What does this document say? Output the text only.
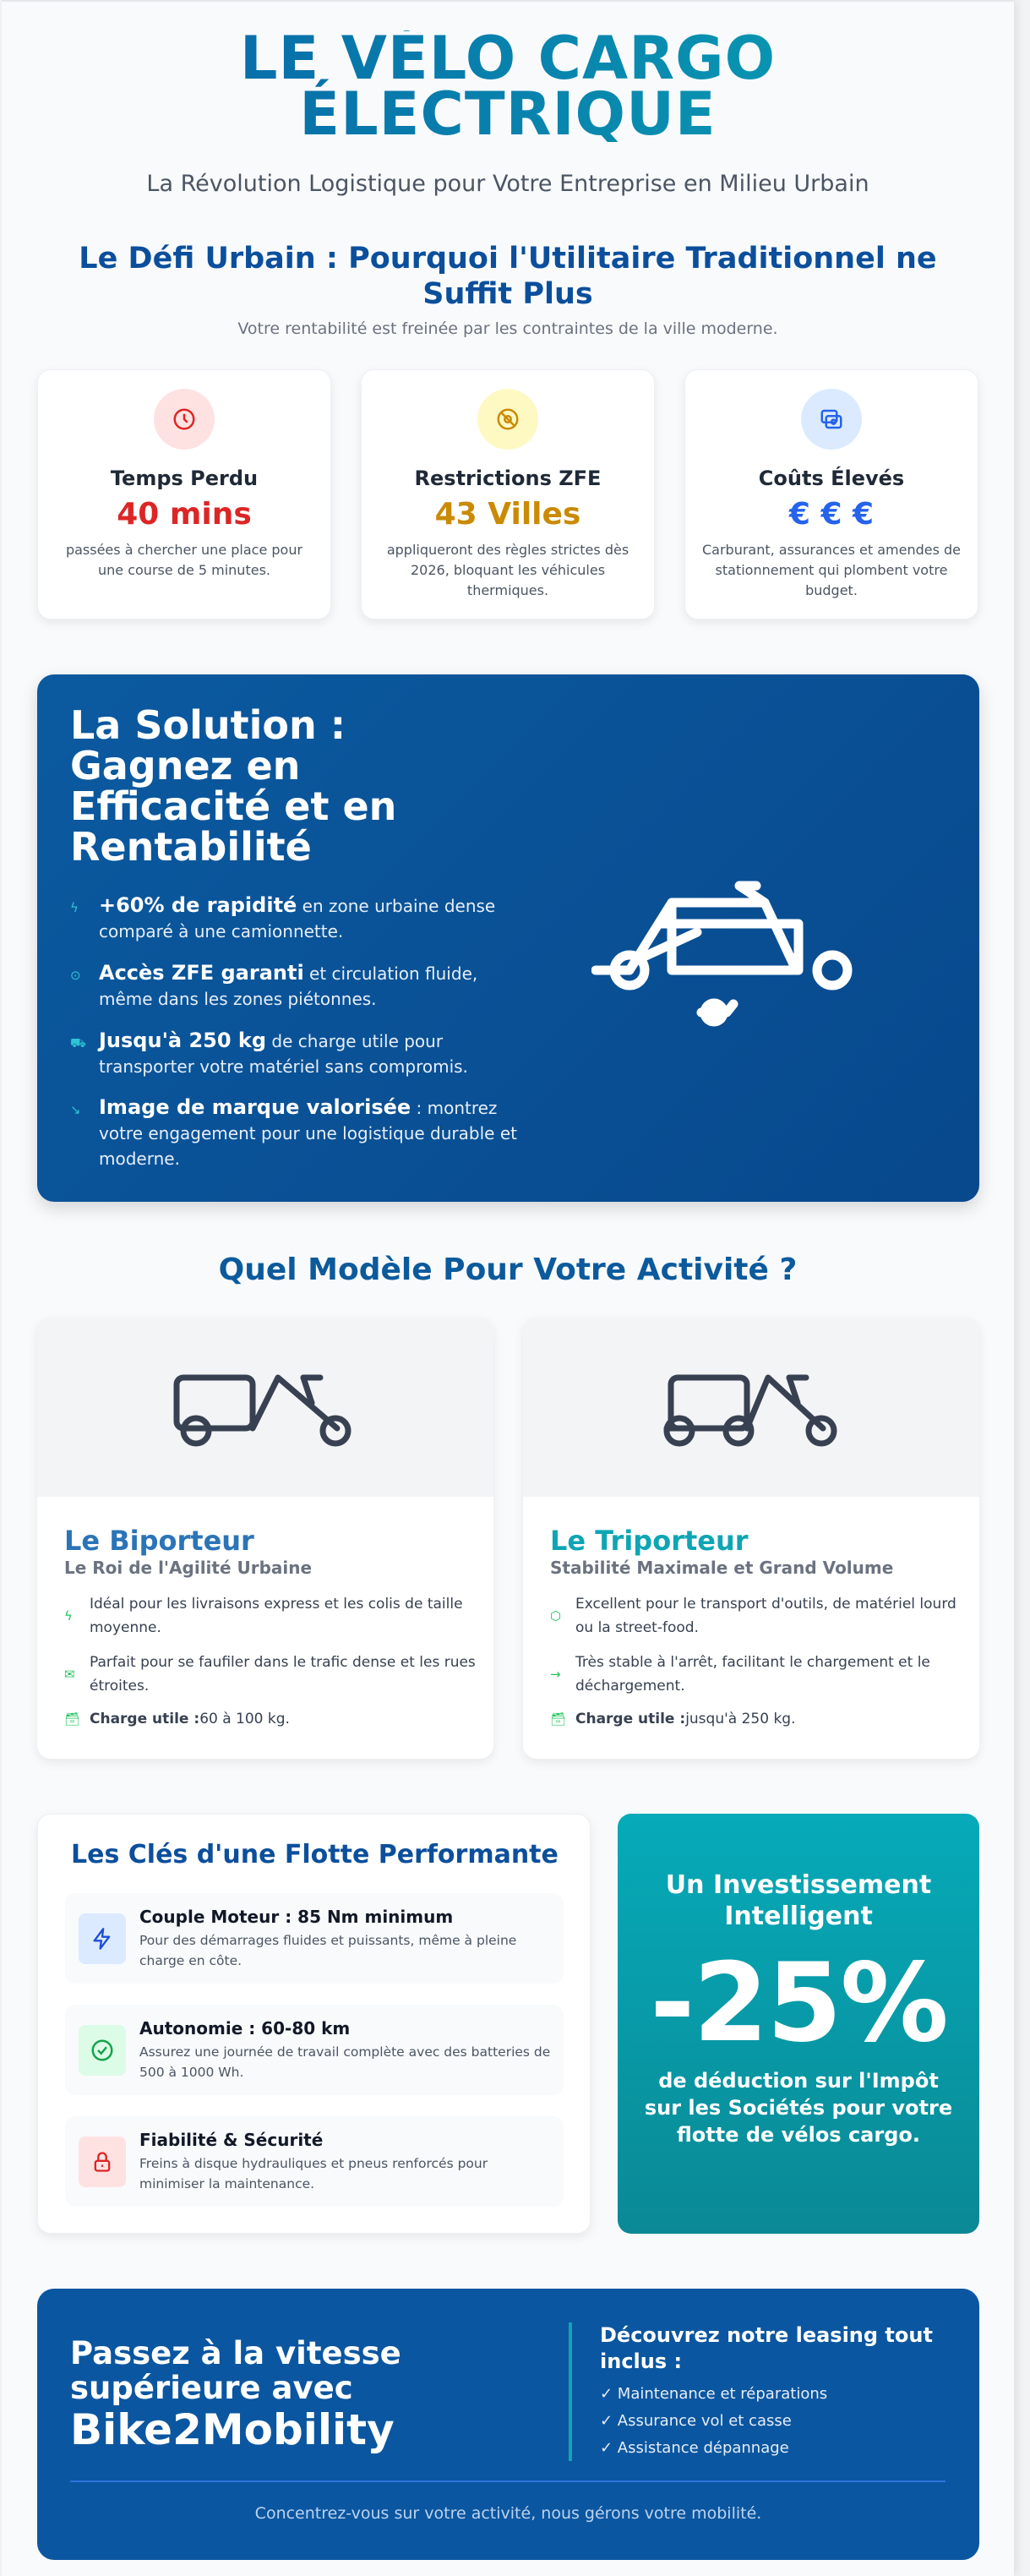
LE VÉLO CARGO
ÉLECTRIQUE

La Révolution Logistique pour Votre Entreprise en Milieu Urbain

Le Défi Urbain : Pourquoi l'Utilitaire Traditionnel ne Suffit Plus

Votre rentabilité est freinée par les contraintes de la ville moderne.

Temps Perdu
40 mins
passées à chercher une place pour une course de 5 minutes.
Restrictions ZFE
43 Villes
appliqueront des règles strictes dès 2026, bloquant les véhicules thermiques.
Coûts Élevés
€ € €
Carburant, assurances et amendes de stationnement qui plombent votre budget.
La Solution : Gagnez en Efficacité et en Rentabilité
ϟ	+60% de rapidité en zone urbaine dense comparé à une camionnette.
⊙ Accès ZFE garanti et circulation fluide, même dans les zones piétonnes.
⛟ Jusqu'à 250 kg de charge utile pour transporter votre matériel sans compromis.
↘ Image de marque valorisée : montrez votre engagement pour une logistique durable et moderne.
Quel Modèle Pour Votre Activité ?
Le Biporteur
Le Roi de l'Agilité Urbaine
ϟ
Idéal pour les livraisons express et les colis de taille moyenne.
✉
Parfait pour se faufiler dans le trafic dense et les rues étroites.
🗃 Charge utile : 60 à 100 kg.
Le Triporteur
Stabilité Maximale et Grand Volume
⬡
Excellent pour le transport d'outils, de matériel lourd ou la street-food.
→
Très stable à l'arrêt, facilitant le chargement et le déchargement.
🗃 Charge utile : jusqu'à 250 kg.
Les Clés d'une Flotte Performante
Couple Moteur : 85 Nm minimum
Pour des démarrages fluides et puissants, même à pleine charge en côte.
Autonomie : 60-80 km
Assurez une journée de travail complète avec des batteries de 500 à 1000 Wh.
Fiabilité & Sécurité
Freins à disque hydrauliques et pneus renforcés pour minimiser la maintenance.
Un Investissement Intelligent
-25%
de déduction sur l'Impôt sur les Sociétés pour votre flotte de vélos cargo.
Passez à la vitesse supérieure avec
Bike2Mobility
Découvrez notre leasing tout inclus :
✓ Maintenance et réparations
✓ Assurance vol et casse
✓ Assistance dépannage

Concentrez-vous sur votre activité, nous gérons votre mobilité.
